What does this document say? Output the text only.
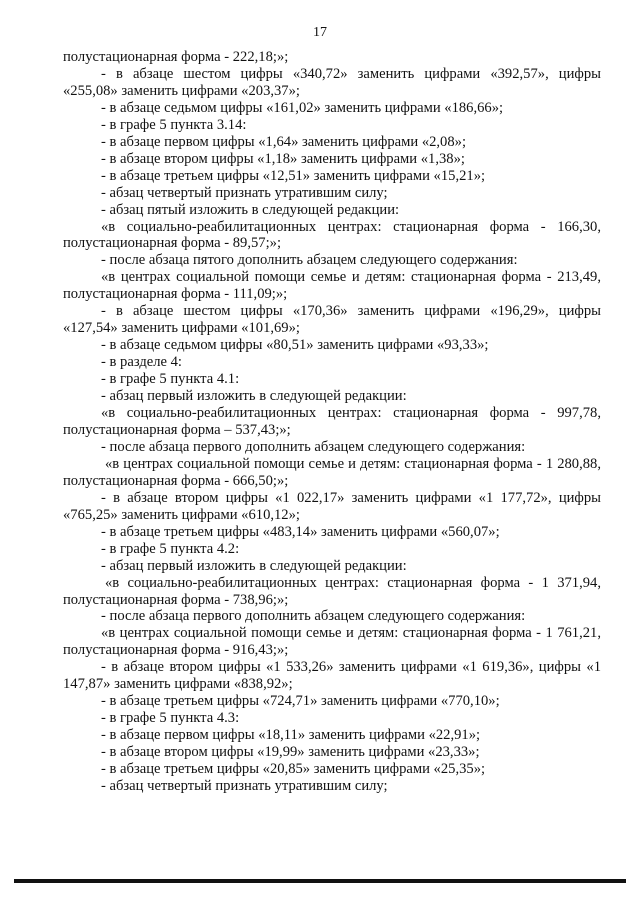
17

полустационарная форма - 222,18;»;

- в абзаце шестом цифры «340,72» заменить цифрами «392,57», цифры «255,08» заменить цифрами «203,37»;

- в абзаце седьмом цифры «161,02» заменить цифрами «186,66»;

- в графе 5 пункта 3.14:

- в абзаце первом цифры «1,64» заменить цифрами «2,08»;

- в абзаце втором цифры «1,18» заменить цифрами «1,38»;

- в абзаце третьем цифры «12,51» заменить цифрами «15,21»;

- абзац четвертый признать утратившим силу;

- абзац пятый изложить в следующей редакции:

«в социально-реабилитационных центрах: стационарная форма - 166,30, полустационарная форма - 89,57;»;

- после абзаца пятого дополнить абзацем следующего содержания:

«в центрах социальной помощи семье и детям: стационарная форма - 213,49, полустационарная форма - 111,09;»;

- в абзаце шестом цифры «170,36» заменить цифрами «196,29», цифры «127,54» заменить цифрами «101,69»;

- в абзаце седьмом цифры «80,51» заменить цифрами «93,33»;

- в разделе 4:

- в графе 5 пункта 4.1:

- абзац первый изложить в следующей редакции:

«в социально-реабилитационных центрах: стационарная форма - 997,78, полустационарная форма – 537,43;»;

- после абзаца первого дополнить абзацем следующего содержания:

«в центрах социальной помощи семье и детям: стационарная форма - 1 280,88, полустационарная форма - 666,50;»;

- в абзаце втором цифры «1 022,17» заменить цифрами «1 177,72», цифры «765,25» заменить цифрами «610,12»;

- в абзаце третьем цифры «483,14» заменить цифрами «560,07»;

- в графе 5 пункта 4.2:

- абзац первый изложить в следующей редакции:

«в социально-реабилитационных центрах: стационарная форма - 1 371,94, полустационарная форма - 738,96;»;

- после абзаца первого дополнить абзацем следующего содержания:

«в центрах социальной помощи семье и детям: стационарная форма - 1 761,21, полустационарная форма - 916,43;»;

- в абзаце втором цифры «1 533,26» заменить цифрами «1 619,36», цифры «1 147,87» заменить цифрами «838,92»;

- в абзаце третьем цифры «724,71» заменить цифрами «770,10»;

- в графе 5 пункта 4.3:

- в абзаце первом цифры «18,11» заменить цифрами «22,91»;

- в абзаце втором цифры «19,99» заменить цифрами «23,33»;

- в абзаце третьем цифры «20,85» заменить цифрами «25,35»;

- абзац четвертый признать утратившим силу;
